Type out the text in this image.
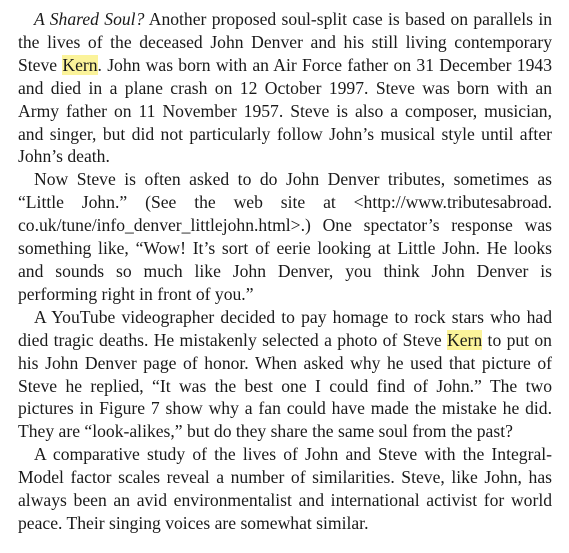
A Shared Soul? Another proposed soul-split case is based on parallels in the lives of the deceased John Denver and his still living contemporary Steve Kern. John was born with an Air Force father on 31 December 1943 and died in a plane crash on 12 October 1997. Steve was born with an Army father on 11 November 1957. Steve is also a composer, musician, and singer, but did not particularly follow John’s musical style until after John’s death.

Now Steve is often asked to do John Denver tributes, sometimes as “Little John.” (See the web site at <http://www.tributesabroad.​co.uk/tune/info_denver_littlejohn.html>.) One spectator’s response was something like, “Wow! It’s sort of eerie looking at Little John. He looks and sounds so much like John Denver, you think John Denver is performing right in front of you.”

A YouTube videographer decided to pay homage to rock stars who had died tragic deaths. He mistakenly selected a photo of Steve Kern to put on his John Denver page of honor. When asked why he used that picture of Steve he replied, “It was the best one I could find of John.” The two pictures in Figure 7 show why a fan could have made the mistake he did. They are “look-alikes,” but do they share the same soul from the past?

A comparative study of the lives of John and Steve with the Integral-Model factor scales reveal a number of similarities. Steve, like John, has always been an avid environmentalist and international activist for world peace. Their singing voices are somewhat similar.
